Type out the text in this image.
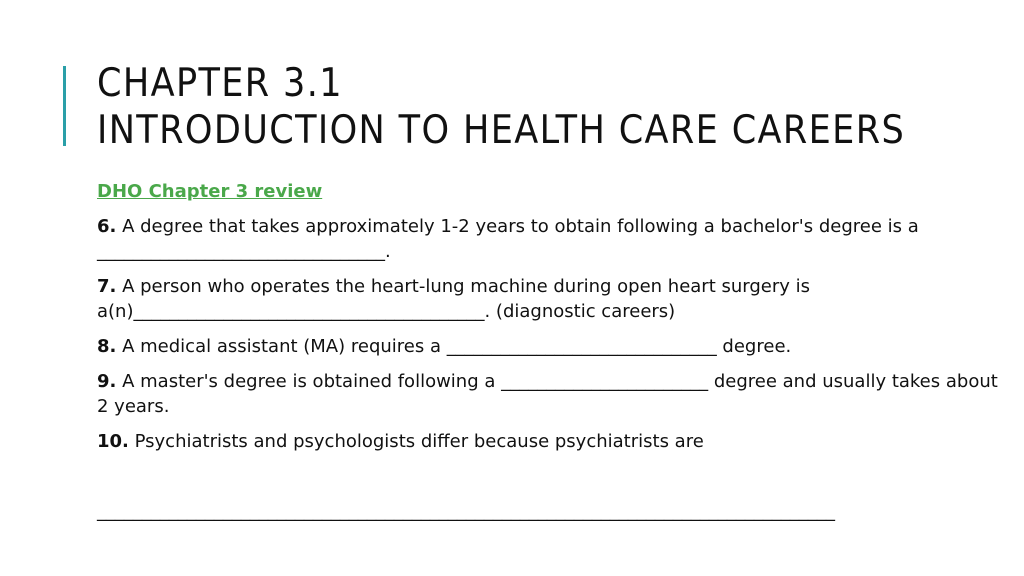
CHAPTER 3.1
INTRODUCTION TO HEALTH CARE CAREERS
DHO Chapter 3 review

6. A degree that takes approximately 1-2 years to obtain following a bachelor's degree is a ________________________________.

7. A person who operates the heart-lung machine during open heart surgery is a(n)_______________________________________. (diagnostic careers)

8. A medical assistant (MA) requires a ______________________________ degree.

9. A master's degree is obtained following a _______________________ degree and usually takes about 2 years.

10. Psychiatrists and psychologists differ because psychiatrists are

__________________________________________________________________________________
